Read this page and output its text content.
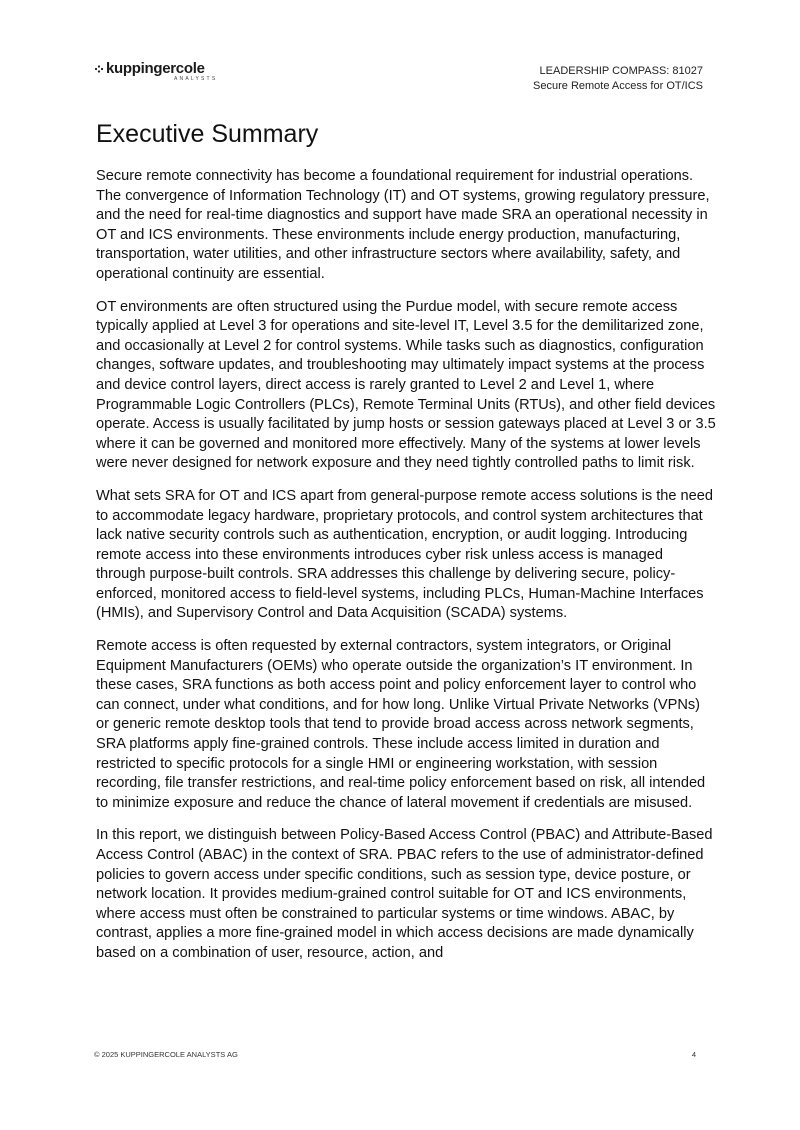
kuppingercole
ANALYSTS
LEADERSHIP COMPASS: 81027
Secure Remote Access for OT/ICS
Executive Summary

Secure remote connectivity has become a foundational requirement for industrial operations. The convergence of Information Technology (IT) and OT systems, growing regulatory pressure, and the need for real-time diagnostics and support have made SRA an operational necessity in OT and ICS environments. These environments include energy production, manufacturing, transportation, water utilities, and other infrastructure sectors where availability, safety, and operational continuity are essential.

OT environments are often structured using the Purdue model, with secure remote access typically applied at Level 3 for operations and site-level IT, Level 3.5 for the demilitarized zone, and occasionally at Level 2 for control systems. While tasks such as diagnostics, configuration changes, software updates, and troubleshooting may ultimately impact systems at the process and device control layers, direct access is rarely granted to Level 2 and Level 1, where Programmable Logic Controllers (PLCs), Remote Terminal Units (RTUs), and other field devices operate. Access is usually facilitated by jump hosts or session gateways placed at Level 3 or 3.5 where it can be governed and monitored more effectively. Many of the systems at lower levels were never designed for network exposure and they need tightly controlled paths to limit risk.

What sets SRA for OT and ICS apart from general-purpose remote access solutions is the need to accommodate legacy hardware, proprietary protocols, and control system architectures that lack native security controls such as authentication, encryption, or audit logging. Introducing remote access into these environments introduces cyber risk unless access is managed through purpose-built controls. SRA addresses this challenge by delivering secure, policy-enforced, monitored access to field-level systems, including PLCs, Human-Machine Interfaces (HMIs), and Supervisory Control and Data Acquisition (SCADA) systems.

Remote access is often requested by external contractors, system integrators, or Original Equipment Manufacturers (OEMs) who operate outside the organization’s IT environment. In these cases, SRA functions as both access point and policy enforcement layer to control who can connect, under what conditions, and for how long. Unlike Virtual Private Networks (VPNs) or generic remote desktop tools that tend to provide broad access across network segments, SRA platforms apply fine-grained controls. These include access limited in duration and restricted to specific protocols for a single HMI or engineering workstation, with session recording, file transfer restrictions, and real-time policy enforcement based on risk, all intended to minimize exposure and reduce the chance of lateral movement if credentials are misused.

In this report, we distinguish between Policy-Based Access Control (PBAC) and Attribute-Based Access Control (ABAC) in the context of SRA. PBAC refers to the use of administrator-defined policies to govern access under specific conditions, such as session type, device posture, or network location. It provides medium-grained control suitable for OT and ICS environments, where access must often be constrained to particular systems or time windows. ABAC, by contrast, applies a more fine-grained model in which access decisions are made dynamically based on a combination of user, resource, action, and

© 2025 KUPPINGERCOLE ANALYSTS AG	4
